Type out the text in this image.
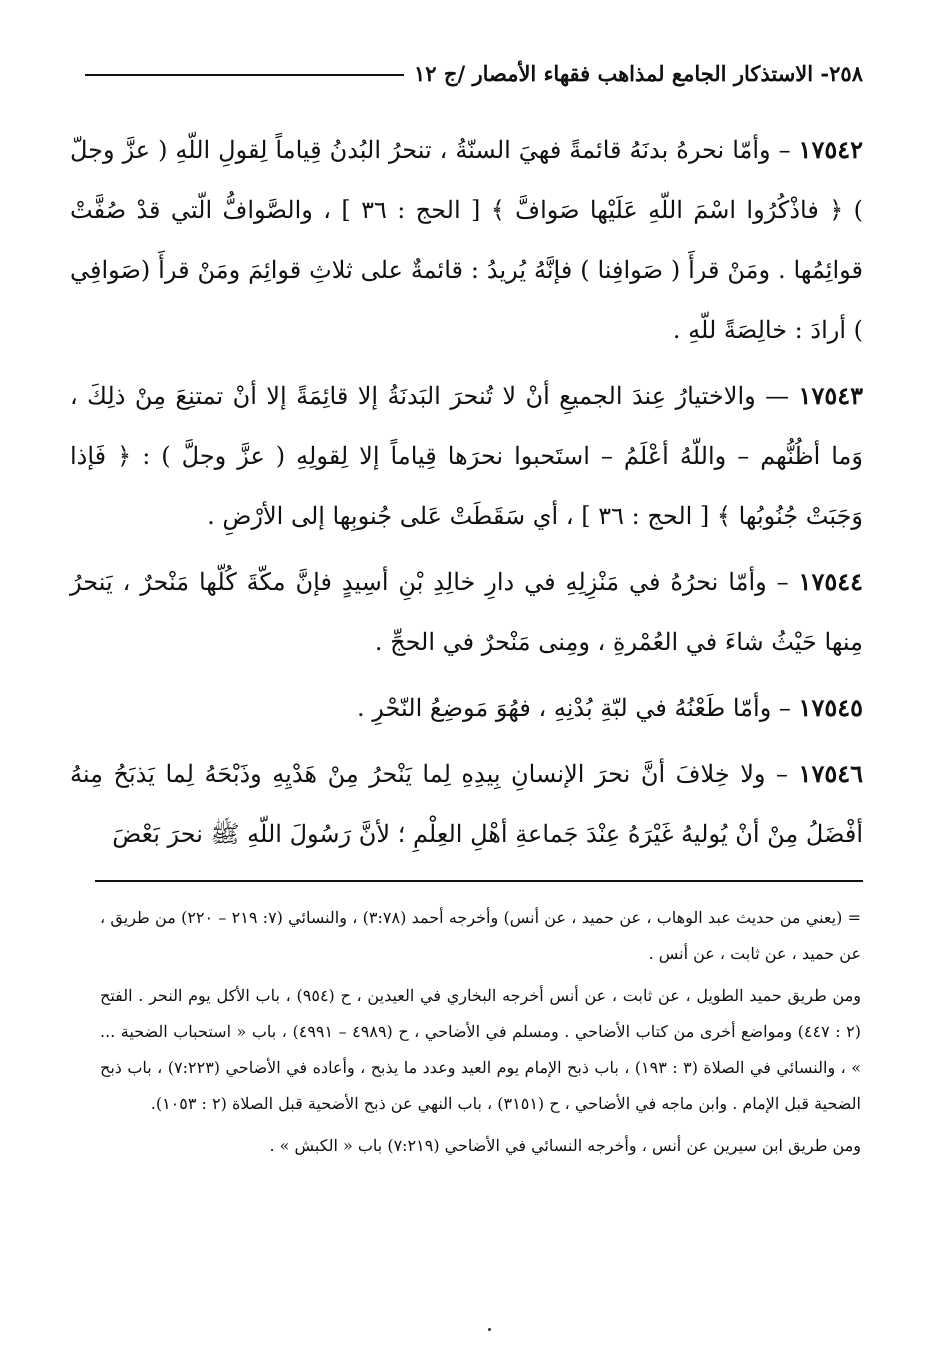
٢٥٨- الاستذكار الجامع لمذاهب فقهاء الأمصار /ج ١٢

١٧٥٤٢ – وأمّا نحرهُ بدنَهُ قائمةً فهيَ السنّةُ ، تنحرُ البُدنُ قِياماً لِقولِ اللّهِ ( عزَّ وجلّ ) ﴿ فاذْكُرُوا اسْمَ اللّهِ عَلَيْها صَوافَّ ﴾ [ الحج : ٣٦ ] ، والصَّوافُّ الّتي قدْ صُفَّتْ قوائِمُها . ومَنْ قرأَ ( صَوافِنا ) فإنَّهُ يُريدُ : قائمةٌ على ثلاثِ قوائِمَ ومَنْ قرأَ (صَوافِي ) أرادَ : خالِصَةً للّهِ .

١٧٥٤٣ — والاختيارُ عِندَ الجميعِ أنْ لا تُنحرَ البَدنَةُ إلا قائِمَةً إلا أنْ تمتنِعَ مِنْ ذلِكَ ، وَما أظُنُّهم – واللّهُ أعْلَمُ – استَحبوا نحرَها قِياماً إلا لِقولِهِ ( عزَّ وجلَّ ) : ﴿ فَإذا وَجَبَتْ جُنُوبُها ﴾ [ الحج : ٣٦ ] ، أي سَقَطَتْ عَلى جُنوبِها إلى الأرْضِ .

١٧٥٤٤ – وأمّا نحرُهُ في مَنْزِلِهِ في دارِ خالِدِ بْنِ أسِيدٍ فإنَّ مكّةَ كُلّها مَنْحرٌ ، يَنحرُ مِنها حَيْثُ شاءَ في العُمْرةِ ، ومِنى مَنْحرٌ في الحجِّ .

١٧٥٤٥ – وأمّا طَعْنُهُ في لبّةِ بُدْنِهِ ، فهُوَ مَوضِعُ النّحْرِ .

١٧٥٤٦ – ولا خِلافَ أنَّ نحرَ الإنسانِ بِيدِهِ لِما يَنْحرُ مِنْ هَدْيِهِ وذَبْحَهُ لِما يَذبَحُ مِنهُ أفْضَلُ مِنْ أنْ يُوليهُ غَيْرَهُ عِنْدَ جَماعةِ أهْلِ العِلْمِ ؛ لأنَّ رَسُولَ اللّهِ ﷺ نحرَ بَعْضَ

= (يعني من حديث عبد الوهاب ، عن حميد ، عن أنس) وأخرجه أحمد (٣:٧٨) ، والنسائي (٧: ٢١٩ – ٢٢٠) من طريق ، عن حميد ، عن ثابت ، عن أنس .

ومن طريق حميد الطويل ، عن ثابت ، عن أنس أخرجه البخاري في العيدين ، ح (٩٥٤) ، باب الأكل يوم النحر . الفتح (٢ : ٤٤٧) ومواضع أخرى من كتاب الأضاحي . ومسلم في الأضاحي ، ح (٤٩٨٩ – ٤٩٩١) ، باب « استحباب الضحية ... » ، والنسائي في الصلاة (٣ : ١٩٣) ، باب ذبح الإمام يوم العيد وعدد ما يذبح ، وأعاده في الأضاحي (٧:٢٢٣) ، باب ذبح الضحية قبل الإمام . وابن ماجه في الأضاحي ، ح (٣١٥١) ، باب النهي عن ذبح الأضحية قبل الصلاة (٢ : ١٠٥٣).

ومن طريق ابن سيرين عن أنس ، وأخرجه النسائي في الأضاحي (٧:٢١٩) باب « الكبش » .
